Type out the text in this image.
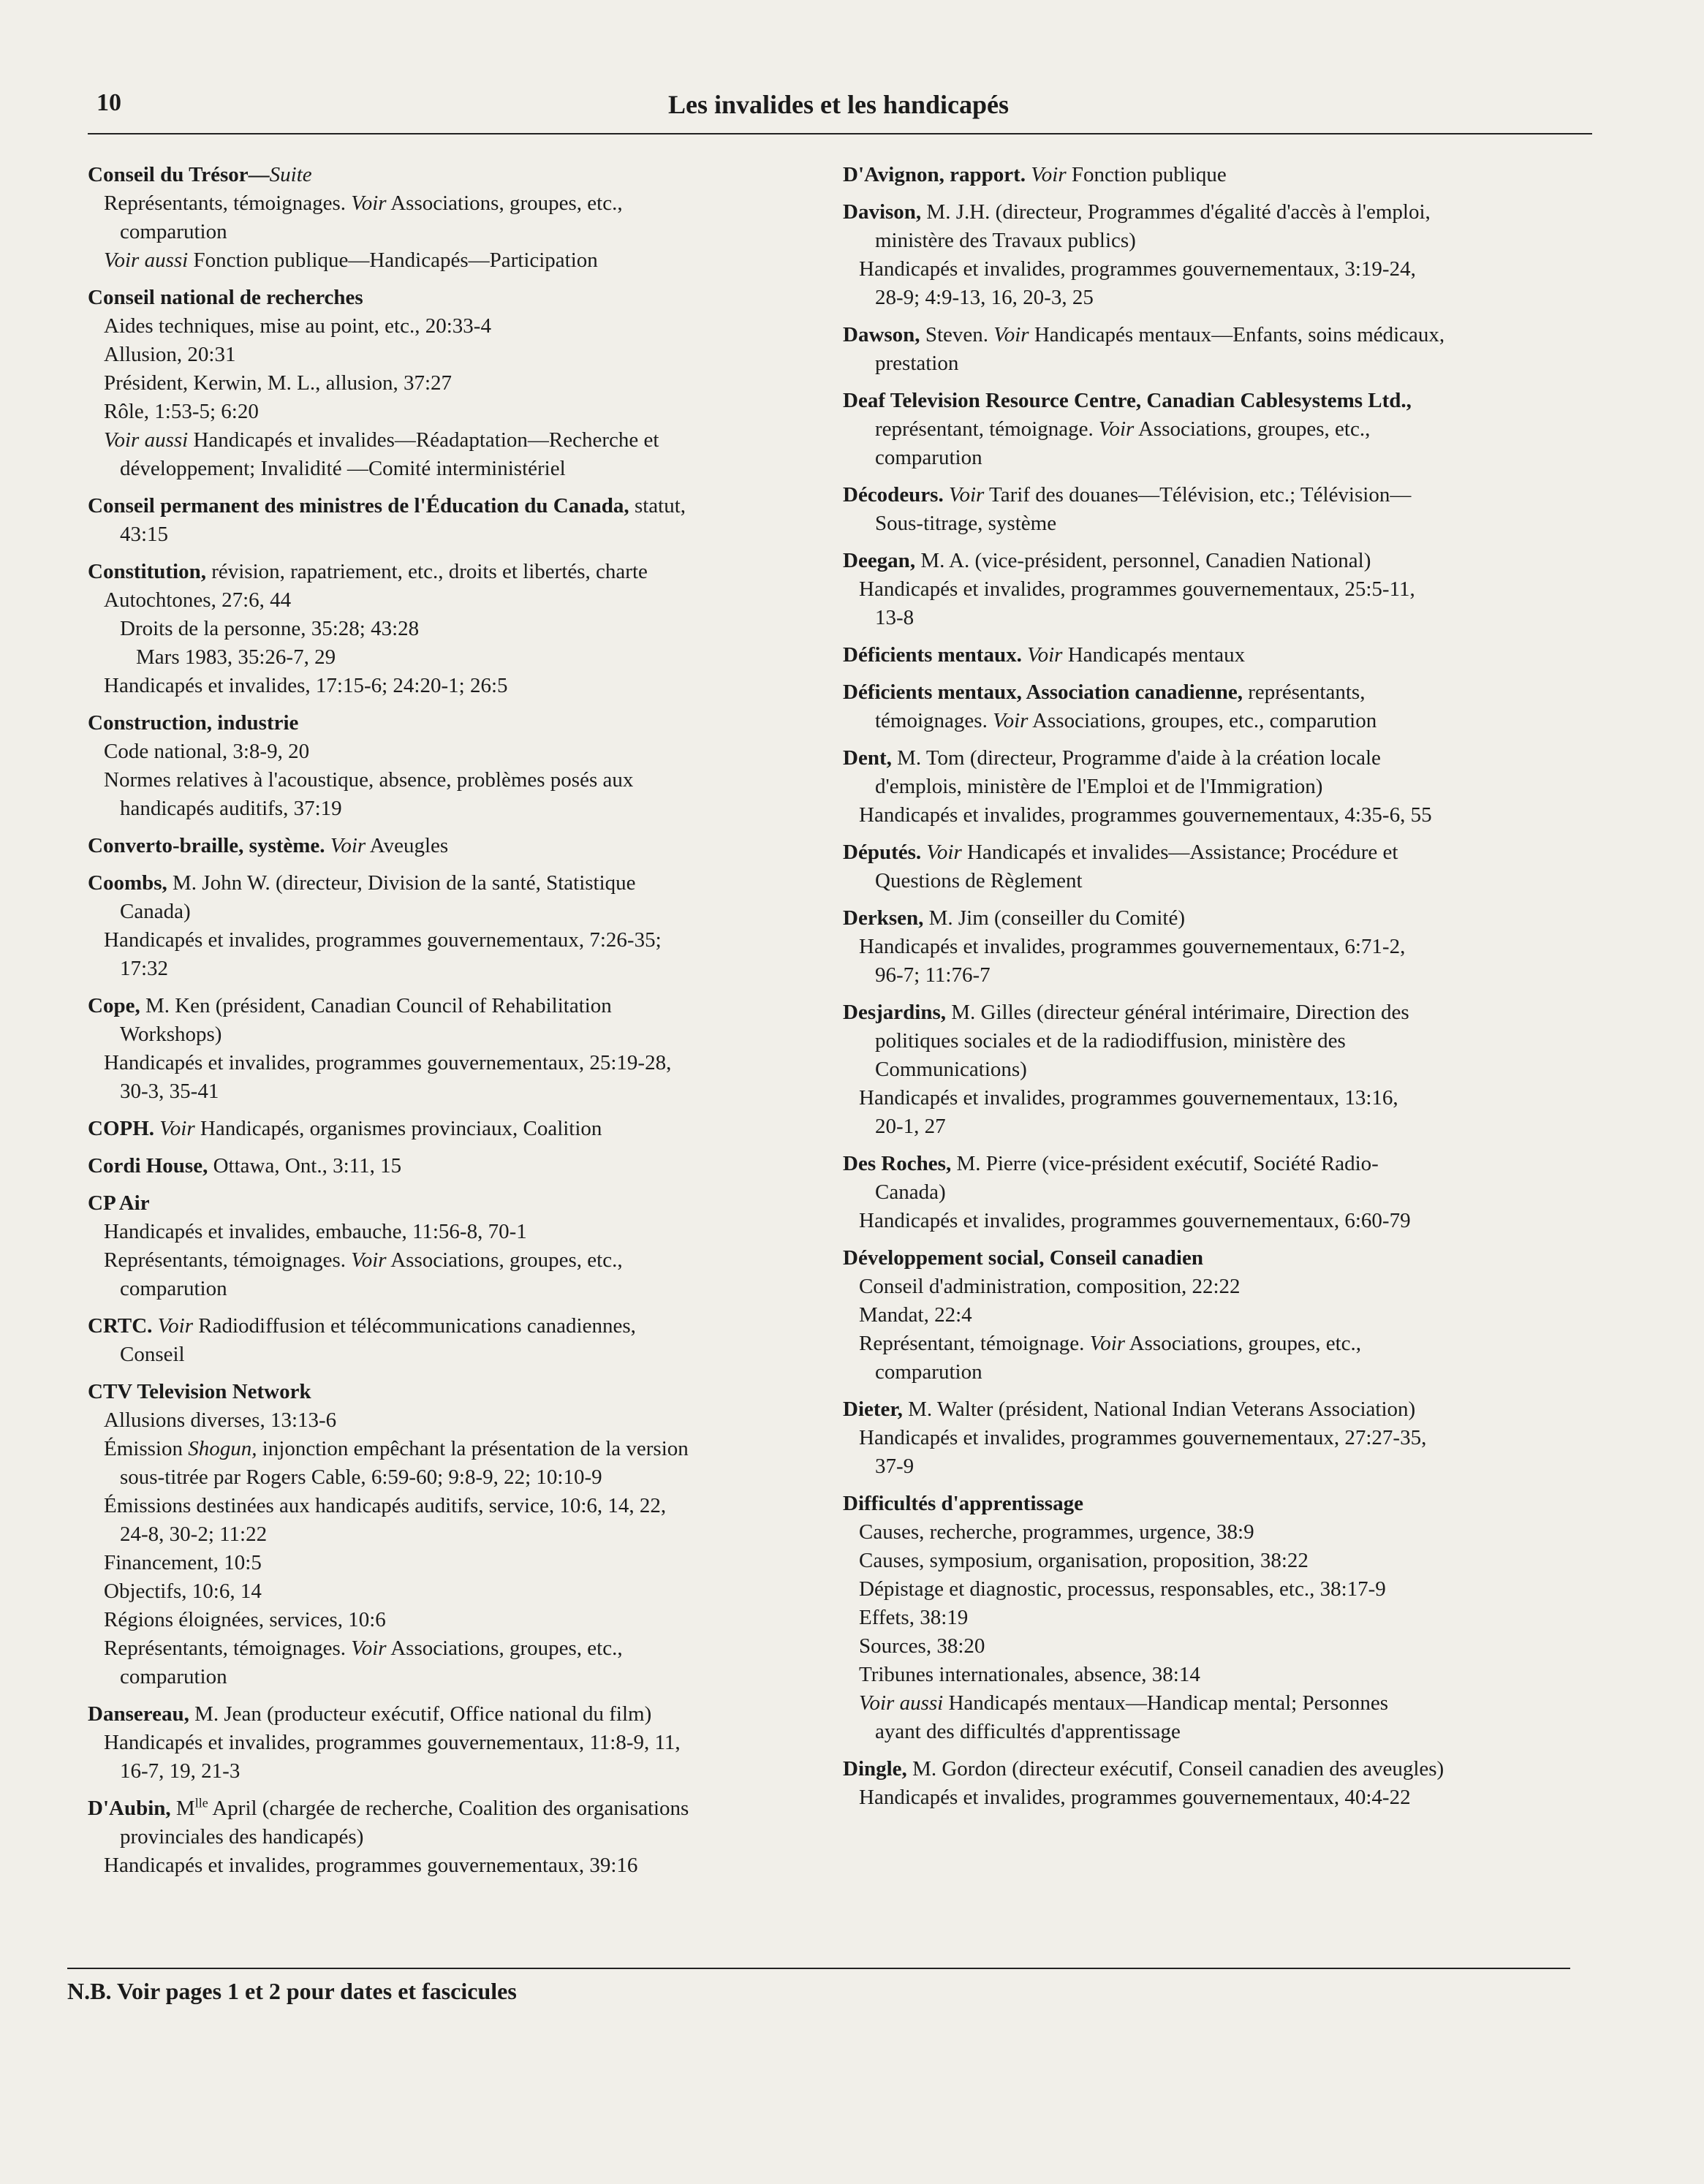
10	Les invalides et les handicapés
Conseil du Trésor—Suite
Représentants, témoignages. Voir Associations, groupes, etc.,
comparution
Voir aussi Fonction publique—Handicapés—Participation
Conseil national de recherches
Aides techniques, mise au point, etc., 20:33-4
Allusion, 20:31
Président, Kerwin, M. L., allusion, 37:27
Rôle, 1:53-5; 6:20
Voir aussi Handicapés et invalides—Réadaptation—Recherche et
développement; Invalidité —Comité interministériel
Conseil permanent des ministres de l'Éducation du Canada, statut,
43:15
Constitution, révision, rapatriement, etc., droits et libertés, charte
Autochtones, 27:6, 44
Droits de la personne, 35:28; 43:28
Mars 1983, 35:26-7, 29
Handicapés et invalides, 17:15-6; 24:20-1; 26:5
Construction, industrie
Code national, 3:8-9, 20
Normes relatives à l'acoustique, absence, problèmes posés aux
handicapés auditifs, 37:19
Converto-braille, système. Voir Aveugles
Coombs, M. John W. (directeur, Division de la santé, Statistique
Canada)
Handicapés et invalides, programmes gouvernementaux, 7:26-35;
17:32
Cope, M. Ken (président, Canadian Council of Rehabilitation
Workshops)
Handicapés et invalides, programmes gouvernementaux, 25:19-28,
30-3, 35-41
COPH. Voir Handicapés, organismes provinciaux, Coalition
Cordi House, Ottawa, Ont., 3:11, 15
CP Air
Handicapés et invalides, embauche, 11:56-8, 70-1
Représentants, témoignages. Voir Associations, groupes, etc.,
comparution
CRTC. Voir Radiodiffusion et télécommunications canadiennes,
Conseil
CTV Television Network
Allusions diverses, 13:13-6
Émission Shogun, injonction empêchant la présentation de la version
sous-titrée par Rogers Cable, 6:59-60; 9:8-9, 22; 10:10-9
Émissions destinées aux handicapés auditifs, service, 10:6, 14, 22,
24-8, 30-2; 11:22
Financement, 10:5
Objectifs, 10:6, 14
Régions éloignées, services, 10:6
Représentants, témoignages. Voir Associations, groupes, etc.,
comparution
Dansereau, M. Jean (producteur exécutif, Office national du film)
Handicapés et invalides, programmes gouvernementaux, 11:8-9, 11,
16-7, 19, 21-3
D'Aubin, $M^{lle}$ April (chargée de recherche, Coalition des organisations
provinciales des handicapés)
Handicapés et invalides, programmes gouvernementaux, 39:16
D'Avignon, rapport. Voir Fonction publique
Davison, M. J.H. (directeur, Programmes d'égalité d'accès à l'emploi,
ministère des Travaux publics)
Handicapés et invalides, programmes gouvernementaux, 3:19-24,
28-9; 4:9-13, 16, 20-3, 25
Dawson, Steven. Voir Handicapés mentaux—Enfants, soins médicaux,
prestation
Deaf Television Resource Centre, Canadian Cablesystems Ltd.,
représentant, témoignage. Voir Associations, groupes, etc.,
comparution
Décodeurs. Voir Tarif des douanes—Télévision, etc.; Télévision—
Sous-titrage, système
Deegan, M. A. (vice-président, personnel, Canadien National)
Handicapés et invalides, programmes gouvernementaux, 25:5-11,
13-8
Déficients mentaux. Voir Handicapés mentaux
Déficients mentaux, Association canadienne, représentants,
témoignages. Voir Associations, groupes, etc., comparution
Dent, M. Tom (directeur, Programme d'aide à la création locale
d'emplois, ministère de l'Emploi et de l'Immigration)
Handicapés et invalides, programmes gouvernementaux, 4:35-6, 55
Députés. Voir Handicapés et invalides—Assistance; Procédure et
Questions de Règlement
Derksen, M. Jim (conseiller du Comité)
Handicapés et invalides, programmes gouvernementaux, 6:71-2,
96-7; 11:76-7
Desjardins, M. Gilles (directeur général intérimaire, Direction des
politiques sociales et de la radiodiffusion, ministère des
Communications)
Handicapés et invalides, programmes gouvernementaux, 13:16,
20-1, 27
Des Roches, M. Pierre (vice-président exécutif, Société Radio-
Canada)
Handicapés et invalides, programmes gouvernementaux, 6:60-79
Développement social, Conseil canadien
Conseil d'administration, composition, 22:22
Mandat, 22:4
Représentant, témoignage. Voir Associations, groupes, etc.,
comparution
Dieter, M. Walter (président, National Indian Veterans Association)
Handicapés et invalides, programmes gouvernementaux, 27:27-35,
37-9
Difficultés d'apprentissage
Causes, recherche, programmes, urgence, 38:9
Causes, symposium, organisation, proposition, 38:22
Dépistage et diagnostic, processus, responsables, etc., 38:17-9
Effets, 38:19
Sources, 38:20
Tribunes internationales, absence, 38:14
Voir aussi Handicapés mentaux—Handicap mental; Personnes
ayant des difficultés d'apprentissage
Dingle, M. Gordon (directeur exécutif, Conseil canadien des aveugles)
Handicapés et invalides, programmes gouvernementaux, 40:4-22
N.B. Voir pages 1 et 2 pour dates et fascicules
